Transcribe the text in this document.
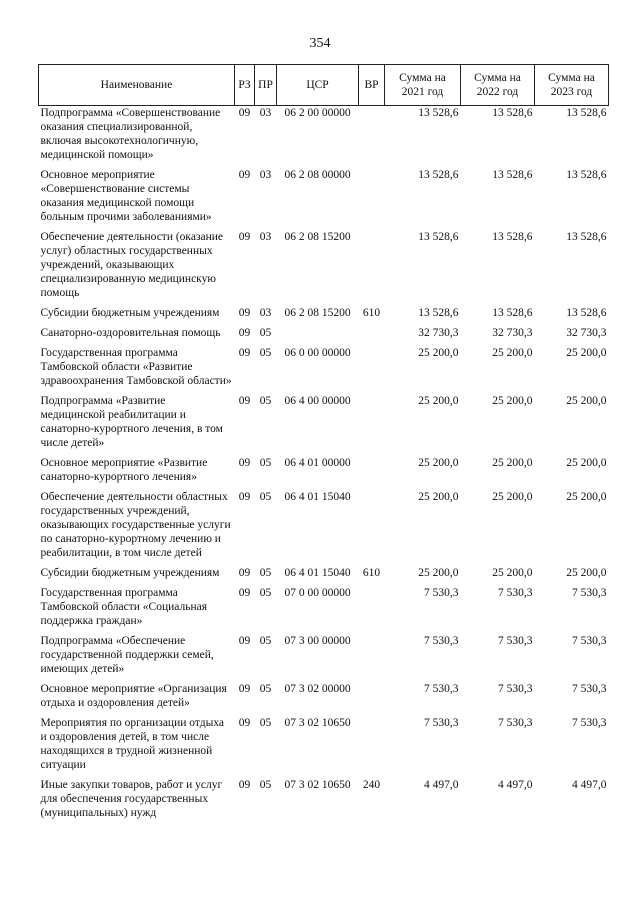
354
Наименование	РЗ	ПР	ЦСР	ВР	Сумма на 2021 год	Сумма на 2022 год	Сумма на 2023 год
Подпрограмма «Совершенствование оказания специализированной, включая высокотехнологичную, медицинской помощи»	09	03	06 2 00 00000		13 528,6	13 528,6	13 528,6
Основное мероприятие «Совершенствование системы оказания медицинской помощи больным прочими заболеваниями»	09	03	06 2 08 00000		13 528,6	13 528,6	13 528,6
Обеспечение деятельности (оказание услуг) областных государственных учреждений, оказывающих специализированную медицинскую помощь	09	03	06 2 08 15200		13 528,6	13 528,6	13 528,6
Субсидии бюджетным учреждениям	09	03	06 2 08 15200	610	13 528,6	13 528,6	13 528,6
Санаторно-оздоровительная помощь	09	05			32 730,3	32 730,3	32 730,3
Государственная программа Тамбовской области «Развитие здравоохранения Тамбовской области»	09	05	06 0 00 00000		25 200,0	25 200,0	25 200,0
Подпрограмма «Развитие медицинской реабилитации и санаторно-курортного лечения, в том числе детей»	09	05	06 4 00 00000		25 200,0	25 200,0	25 200,0
Основное мероприятие «Развитие санаторно-курортного лечения»	09	05	06 4 01 00000		25 200,0	25 200,0	25 200,0
Обеспечение деятельности областных государственных учреждений, оказывающих государственные услуги по санаторно-курортному лечению и реабилитации, в том числе детей	09	05	06 4 01 15040		25 200,0	25 200,0	25 200,0
Субсидии бюджетным учреждениям	09	05	06 4 01 15040	610	25 200,0	25 200,0	25 200,0
Государственная программа Тамбовской области «Социальная поддержка граждан»	09	05	07 0 00 00000		7 530,3	7 530,3	7 530,3
Подпрограмма «Обеспечение государственной поддержки семей, имеющих детей»	09	05	07 3 00 00000		7 530,3	7 530,3	7 530,3
Основное мероприятие «Организация отдыха и оздоровления детей»	09	05	07 3 02 00000		7 530,3	7 530,3	7 530,3
Мероприятия по организации отдыха и оздоровления детей, в том числе находящихся в трудной жизненной ситуации	09	05	07 3 02 10650		7 530,3	7 530,3	7 530,3
Иные закупки товаров, работ и услуг для обеспечения государственных (муниципальных) нужд	09	05	07 3 02 10650	240	4 497,0	4 497,0	4 497,0
